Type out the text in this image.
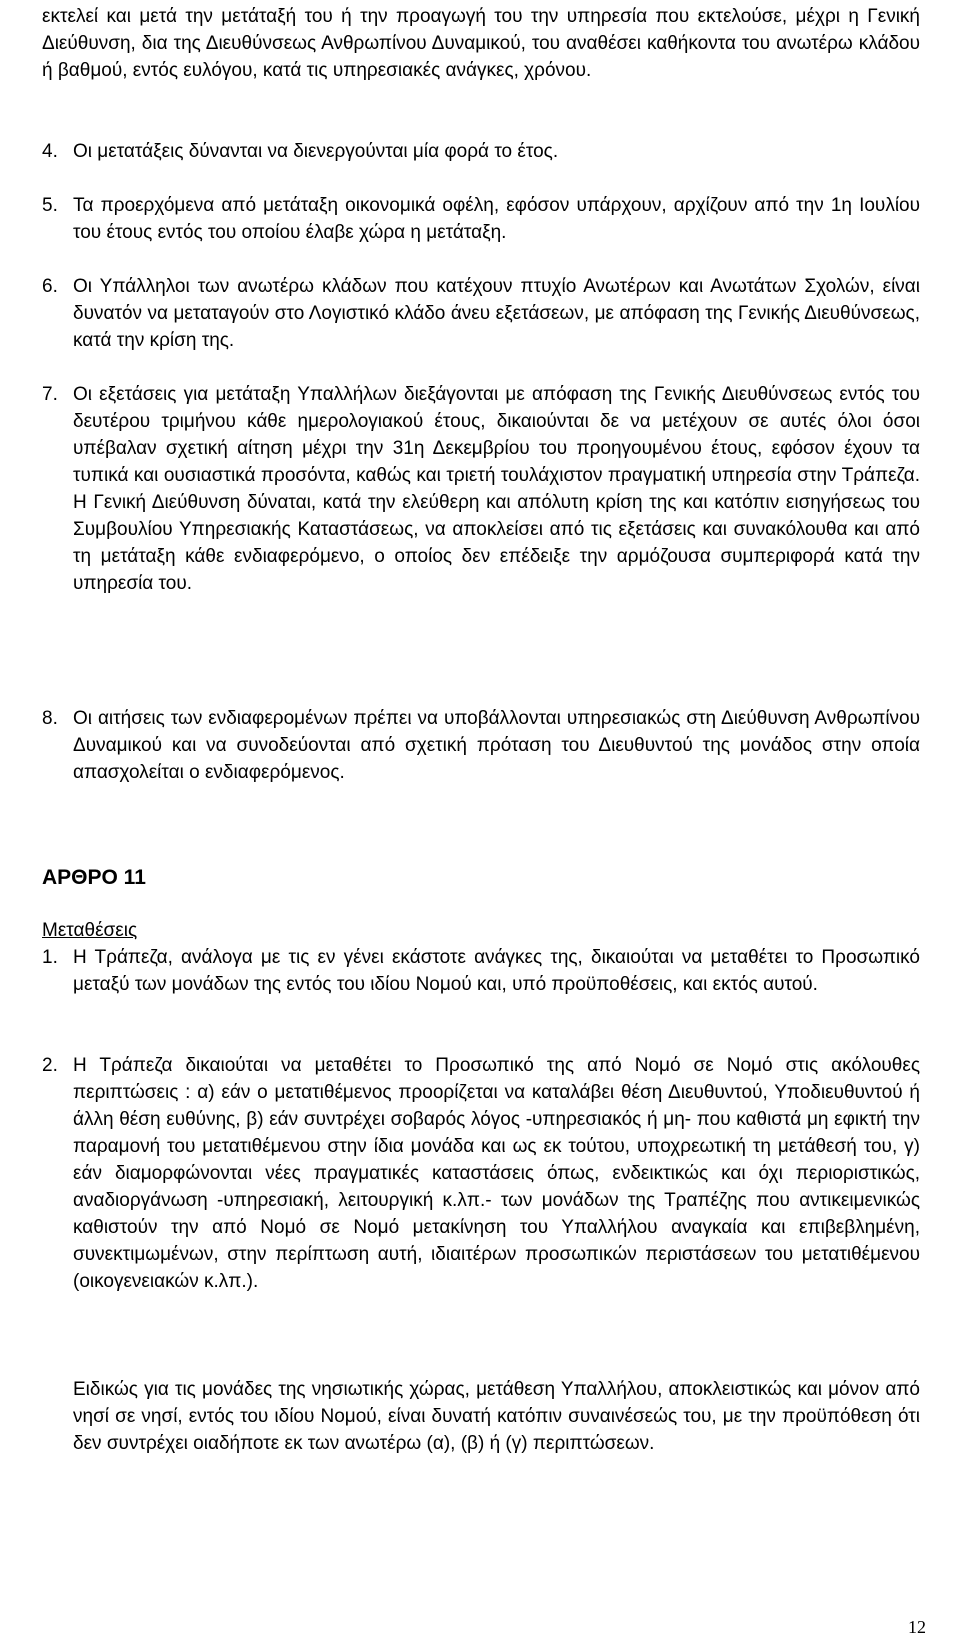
εκτελεί και μετά την μετάταξή του ή την προαγωγή του την υπηρεσία που εκτελούσε, μέχρι η Γενική Διεύθυνση, δια της Διευθύνσεως Ανθρωπίνου Δυναμικού, του αναθέσει καθήκοντα του ανωτέρω κλάδου ή βαθμού, εντός ευλόγου, κατά τις υπηρεσιακές ανάγκες, χρόνου.

4. Οι μετατάξεις δύνανται να διενεργούνται μία φορά το έτος.
5. Τα προερχόμενα από μετάταξη οικονομικά οφέλη, εφόσον υπάρχουν, αρχίζουν από την 1η Ιουλίου του έτους εντός του οποίου έλαβε χώρα η μετάταξη.
6. Οι Υπάλληλοι των ανωτέρω κλάδων που κατέχουν πτυχίο Ανωτέρων και Ανωτάτων Σχολών, είναι δυνατόν να μεταταγούν στο Λογιστικό κλάδο άνευ εξετάσεων, με απόφαση της Γενικής Διευθύνσεως, κατά την κρίση της.
7. Οι εξετάσεις για μετάταξη Υπαλλήλων διεξάγονται με απόφαση της Γενικής Διευθύνσεως εντός του δευτέρου τριμήνου κάθε ημερολογιακού έτους, δικαιούνται δε να μετέχουν σε αυτές όλοι όσοι υπέβαλαν σχετική αίτηση μέχρι την 31η Δεκεμβρίου του προηγουμένου έτους, εφόσον έχουν τα τυπικά και ουσιαστικά προσόντα, καθώς και τριετή τουλάχιστον πραγματική υπηρεσία στην Τράπεζα. Η Γενική Διεύθυνση δύναται, κατά την ελεύθερη και απόλυτη κρίση της και κατόπιν εισηγήσεως του Συμβουλίου Υπηρεσιακής Καταστάσεως, να αποκλείσει από τις εξετάσεις και συνακόλουθα και από τη μετάταξη κάθε ενδιαφερόμενο, ο οποίος δεν επέδειξε την αρμόζουσα συμπεριφορά κατά την υπηρεσία του.
8. Οι αιτήσεις των ενδιαφερομένων πρέπει να υποβάλλονται υπηρεσιακώς στη Διεύθυνση Ανθρωπίνου Δυναμικού και να συνοδεύονται από σχετική πρόταση του Διευθυντού της μονάδος στην οποία απασχολείται ο ενδιαφερόμενος.

ΑΡΘΡΟ 11

Μεταθέσεις

1. Η Τράπεζα, ανάλογα με τις εν γένει εκάστοτε ανάγκες της, δικαιούται να μεταθέτει το Προσωπικό μεταξύ των μονάδων της εντός του ιδίου Νομού και, υπό προϋποθέσεις, και εκτός αυτού.
2. Η Τράπεζα δικαιούται να μεταθέτει το Προσωπικό της από Νομό σε Νομό στις ακόλουθες περιπτώσεις : α) εάν ο μετατιθέμενος προορίζεται να καταλάβει θέση Διευθυντού, Υποδιευθυντού ή άλλη θέση ευθύνης, β) εάν συντρέχει σοβαρός λόγος -υπηρεσιακός ή μη- που καθιστά μη εφικτή την παραμονή του μετατιθέμενου στην ίδια μονάδα και ως εκ τούτου, υποχρεωτική τη μετάθεσή του, γ) εάν διαμορφώνονται νέες πραγματικές καταστάσεις όπως, ενδεικτικώς και όχι περιοριστικώς, αναδιοργάνωση -υπηρεσιακή, λειτουργική κ.λπ.- των μονάδων της Τραπέζης που αντικειμενικώς καθιστούν την από Νομό σε Νομό μετακίνηση του Υπαλλήλου αναγκαία και επιβεβλημένη, συνεκτιμωμένων, στην περίπτωση αυτή, ιδιαιτέρων προσωπικών περιστάσεων του μετατιθέμενου (οικογενειακών κ.λπ.).
Ειδικώς για τις μονάδες της νησιωτικής χώρας, μετάθεση Υπαλλήλου, αποκλειστικώς και μόνον από νησί σε νησί, εντός του ιδίου Νομού, είναι δυνατή κατόπιν συναινέσεώς του, με την προϋπόθεση ότι δεν συντρέχει οιαδήποτε εκ των ανωτέρω (α), (β) ή (γ) περιπτώσεων.
12
